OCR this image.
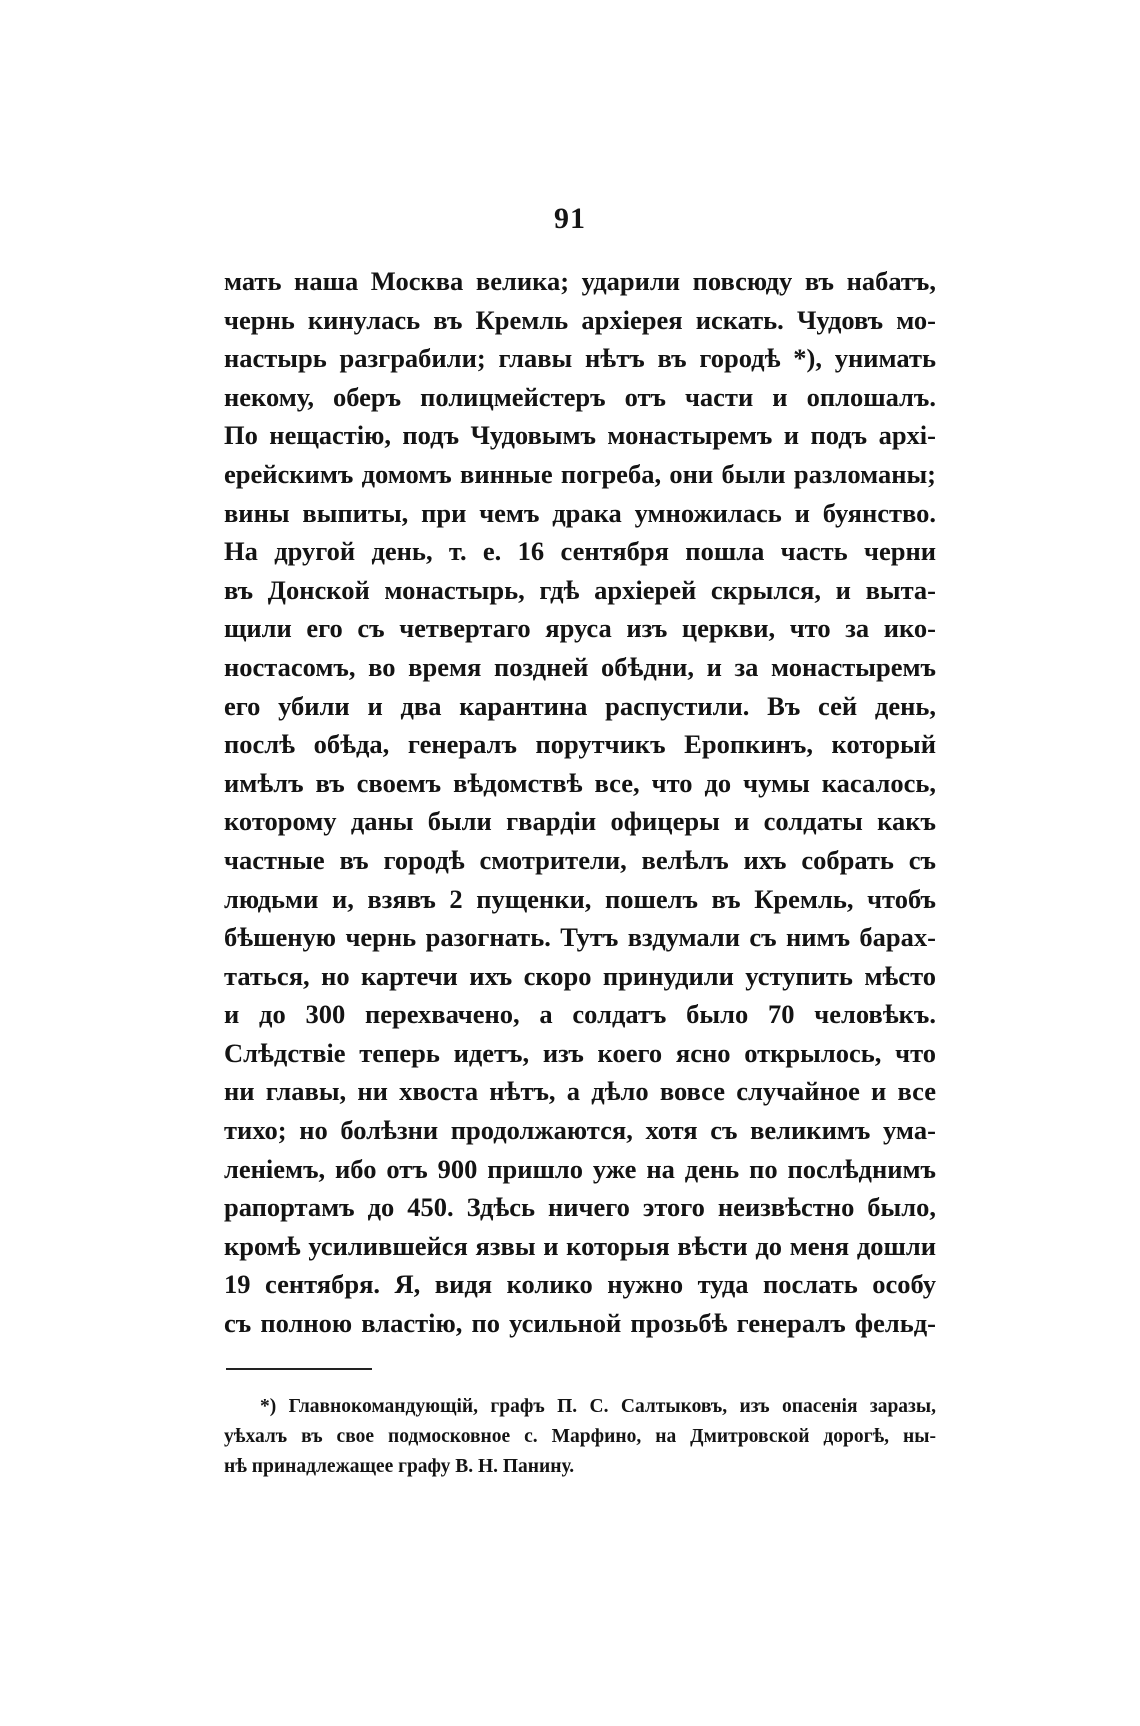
91
мать наша Москва велика; ударили повсюду въ набатъ,
чернь кинулась въ Кремль архiерея искать. Чудовъ мо-
настырь разграбили; главы нѣтъ въ городѣ *), унимать
некому, оберъ полицмейстеръ отъ части и оплошалъ.
По нещастiю, подъ Чудовымъ монастыремъ и подъ архi-
ерейскимъ домомъ винные погреба, они были разломаны;
вины выпиты, при чемъ драка умножилась и буянство.
На другой день, т. е. 16 сентября пошла часть черни
въ Донской монастырь, гдѣ архiерей скрылся, и выта-
щили его съ четвертаго яруса изъ церкви, что за ико-
ностасомъ, во время поздней обѣдни, и за монастыремъ
его убили и два карантина распустили. Въ сей день,
послѣ обѣда, генералъ порутчикъ Еропкинъ, который
имѣлъ въ своемъ вѣдомствѣ все, что до чумы касалось,
которому даны были гвардiи офицеры и солдаты какъ
частные въ городѣ смотрители, велѣлъ ихъ собрать съ
людьми и, взявъ 2 пущенки, пошелъ въ Кремль, чтобъ
бѣшеную чернь разогнать. Тутъ вздумали съ нимъ барах-
таться, но картечи ихъ скоро принудили уступить мѣсто
и до 300 перехвачено, а солдатъ было 70 человѣкъ.
Слѣдствiе теперь идетъ, изъ коего ясно открылось, что
ни главы, ни хвоста нѣтъ, а дѣло вовсе случайное и все
тихо; но болѣзни продолжаются, хотя съ великимъ умa-
ленiемъ, ибо отъ 900 пришло уже на день по послѣднимъ
рапортамъ до 450. Здѣсь ничего этого неизвѣстно было,
кромѣ усилившейся язвы и которыя вѣсти до меня дошли
19 сентября. Я, видя колико нужно туда послать особу
съ полною властiю, по усильной прозьбѣ генералъ фельд-
*) Главнокомандующiй, графъ П. С. Салтыковъ, изъ опасенiя заразы,
уѣхалъ въ свое подмосковное с. Марфино, на Дмитровской дорогѣ, ны-
нѣ принадлежащее графу В. Н. Панину.
